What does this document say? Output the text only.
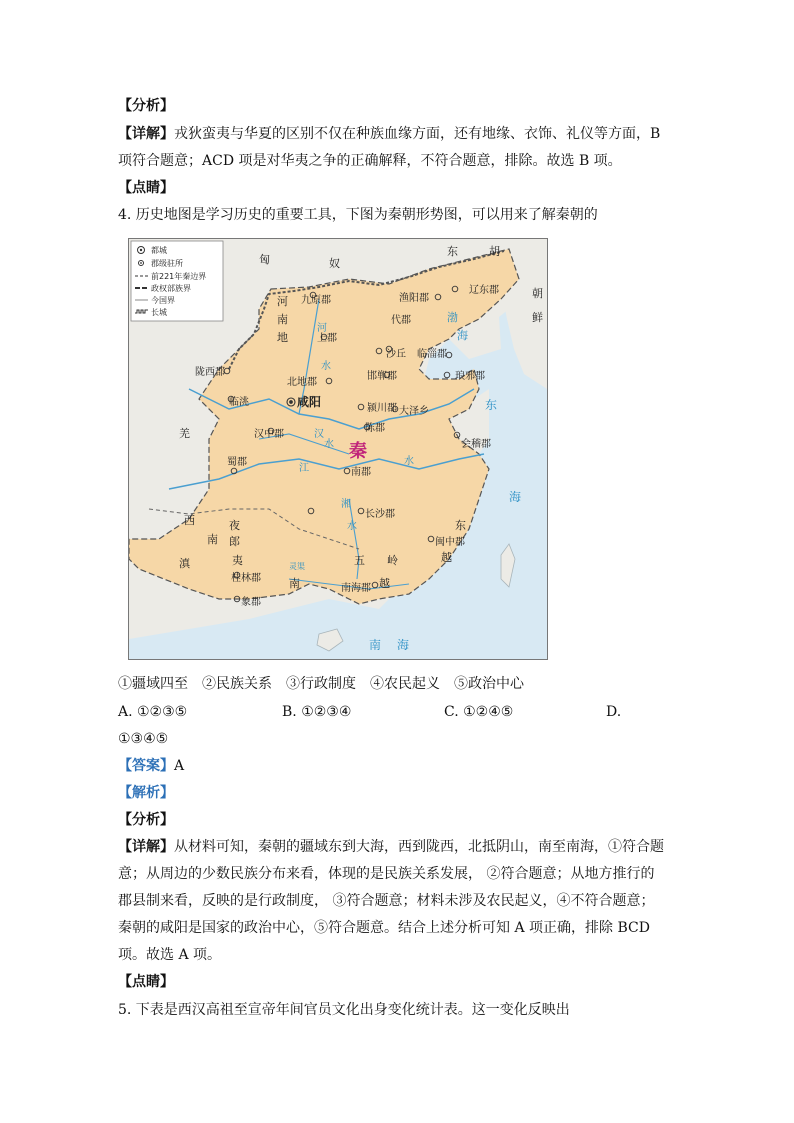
【分析】
【详解】戎狄蛮夷与华夏的区别不仅在种族血缘方面，还有地缘、衣饰、礼仪等方面，B
项符合题意；ACD 项是对华夷之争的正确解释，不符合题意，排除。故选 B 项。
【点睛】
4. 历史地图是学习历史的重要工具，下图为秦朝形势图，可以用来了解秦朝的
都城
郡级驻所
前221年秦边界
政权部族界
今国界
长城
匈	奴
东	胡
朝
鲜
羌
西
南
夷
夜
郎
滇
南	越
五 岭
东
越
河
南
地
河
水
汉
水
江
水
湘
水
灵渠
渤
海
东
海
南 海
秦
九原郡	渔阳郡
辽东郡
上郡
代郡
沙丘 临淄郡
陇西郡
北地郡
邯郸郡	琅邪郡
临洮	咸阳	颍川郡 大泽乡
汉中郡
陈郡
会稽郡
蜀郡
南郡
长沙郡
闽中郡
桂林郡
南海郡
象郡
①疆域四至　②民族关系　③行政制度　④农民起义　⑤政治中心
A. ①②③⑤	B. ①②③④	C. ①②④⑤	D.
①③④⑤
【答案】A
【解析】
【分析】
【详解】从材料可知，秦朝的疆域东到大海，西到陇西，北抵阴山，南至南海，①符合题
意；从周边的少数民族分布来看，体现的是民族关系发展， ②符合题意；从地方推行的
郡县制来看，反映的是行政制度， ③符合题意；材料未涉及农民起义，④不符合题意；
秦朝的咸阳是国家的政治中心，⑤符合题意。结合上述分析可知 A 项正确，排除 BCD
项。故选 A 项。
【点睛】
5. 下表是西汉高祖至宣帝年间官员文化出身变化统计表。这一变化反映出
